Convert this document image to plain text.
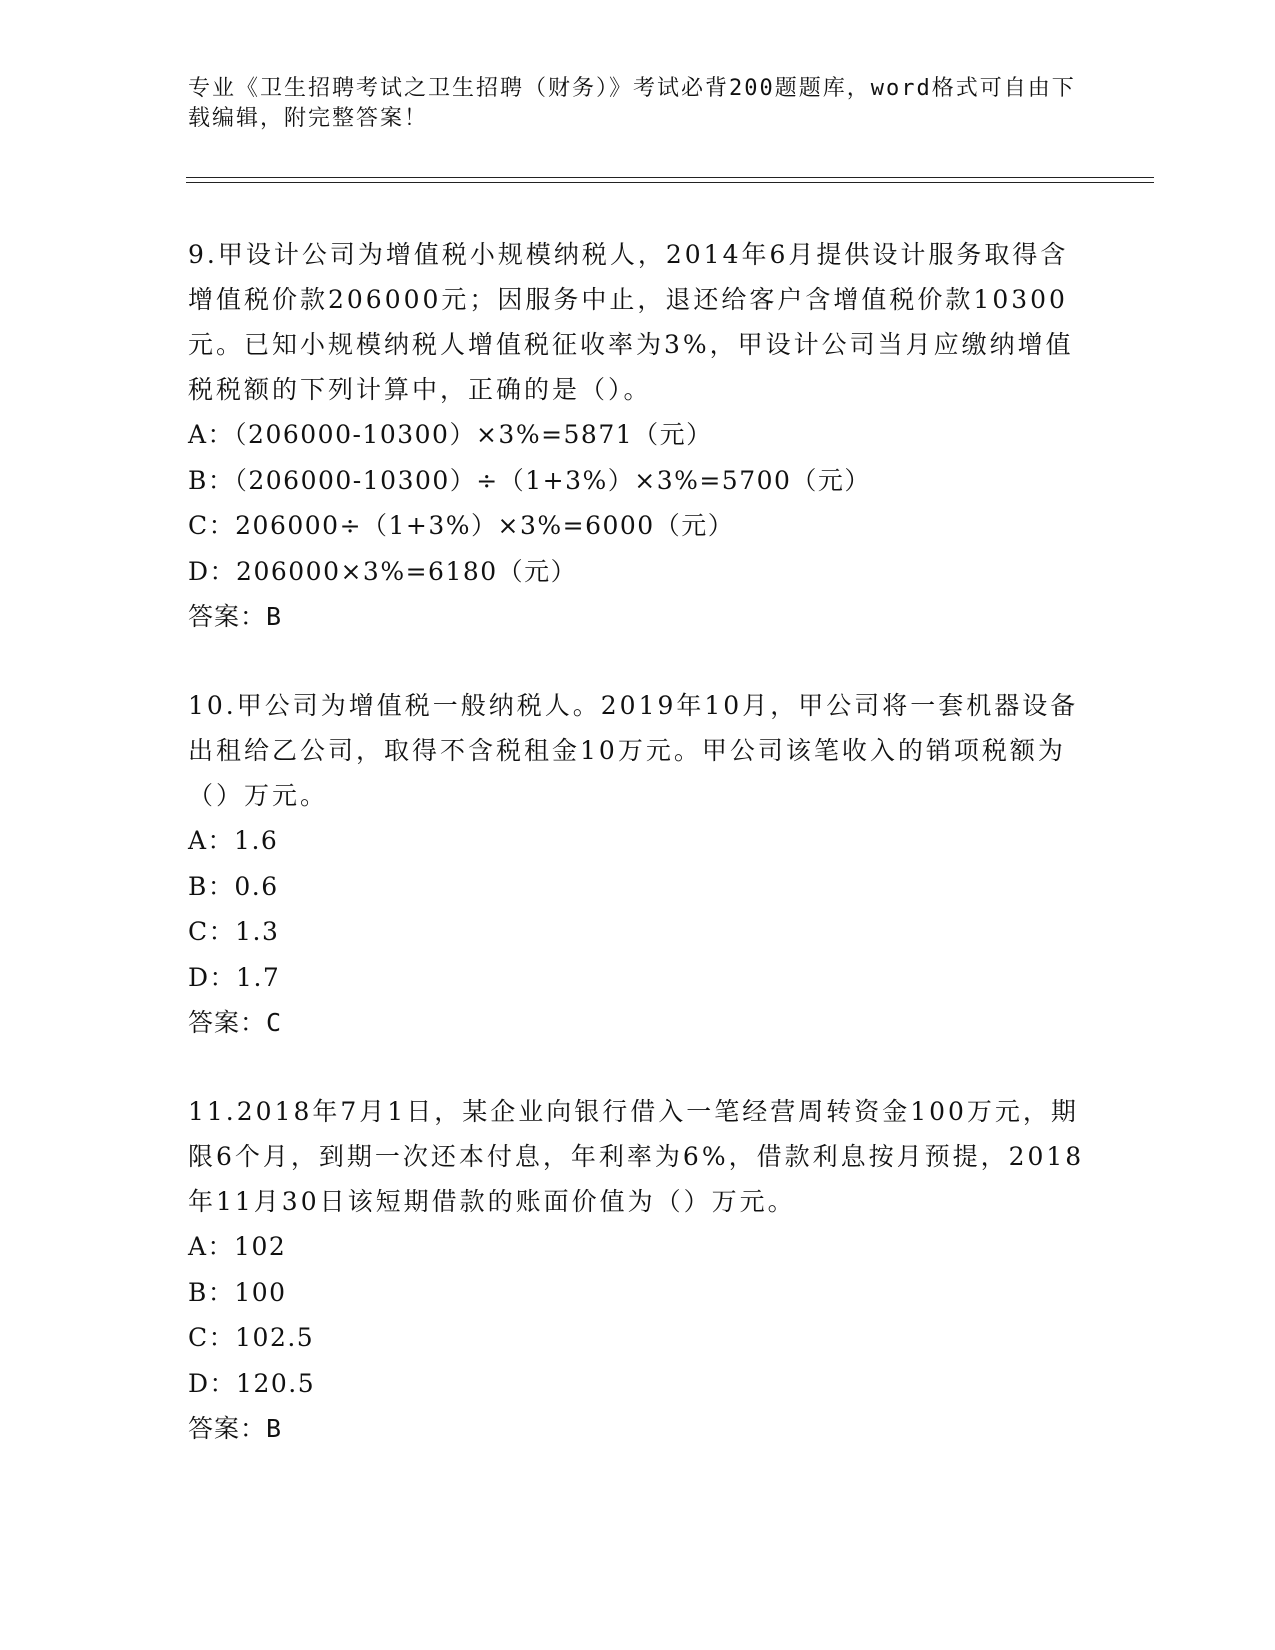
专业《卫生招聘考试之卫生招聘（财务）》考试必背200题题库，word格式可自由下载编辑，附完整答案！

9.甲设计公司为增值税小规模纳税人，2014年6月提供设计服务取得含增值税价款206000元；因服务中止，退还给客户含增值税价款10300元。已知小规模纳税人增值税征收率为3%，甲设计公司当月应缴纳增值税税额的下列计算中，正确的是（）。

A：（206000-10300）×3%=5871（元）

B：（206000-10300）÷（1+3%）×3%=5700（元）

C：206000÷（1+3%）×3%=6000（元）

D：206000×3%=6180（元）

答案：B

10.甲公司为增值税一般纳税人。2019年10月，甲公司将一套机器设备出租给乙公司，取得不含税租金10万元。甲公司该笔收入的销项税额为（）万元。

A：1.6

B：0.6

C：1.3

D：1.7

答案：C

11.2018年7月1日，某企业向银行借入一笔经营周转资金100万元，期限6个月，到期一次还本付息，年利率为6%，借款利息按月预提，2018年11月30日该短期借款的账面价值为（）万元。

A：102

B：100

C：102.5

D：120.5

答案：B
